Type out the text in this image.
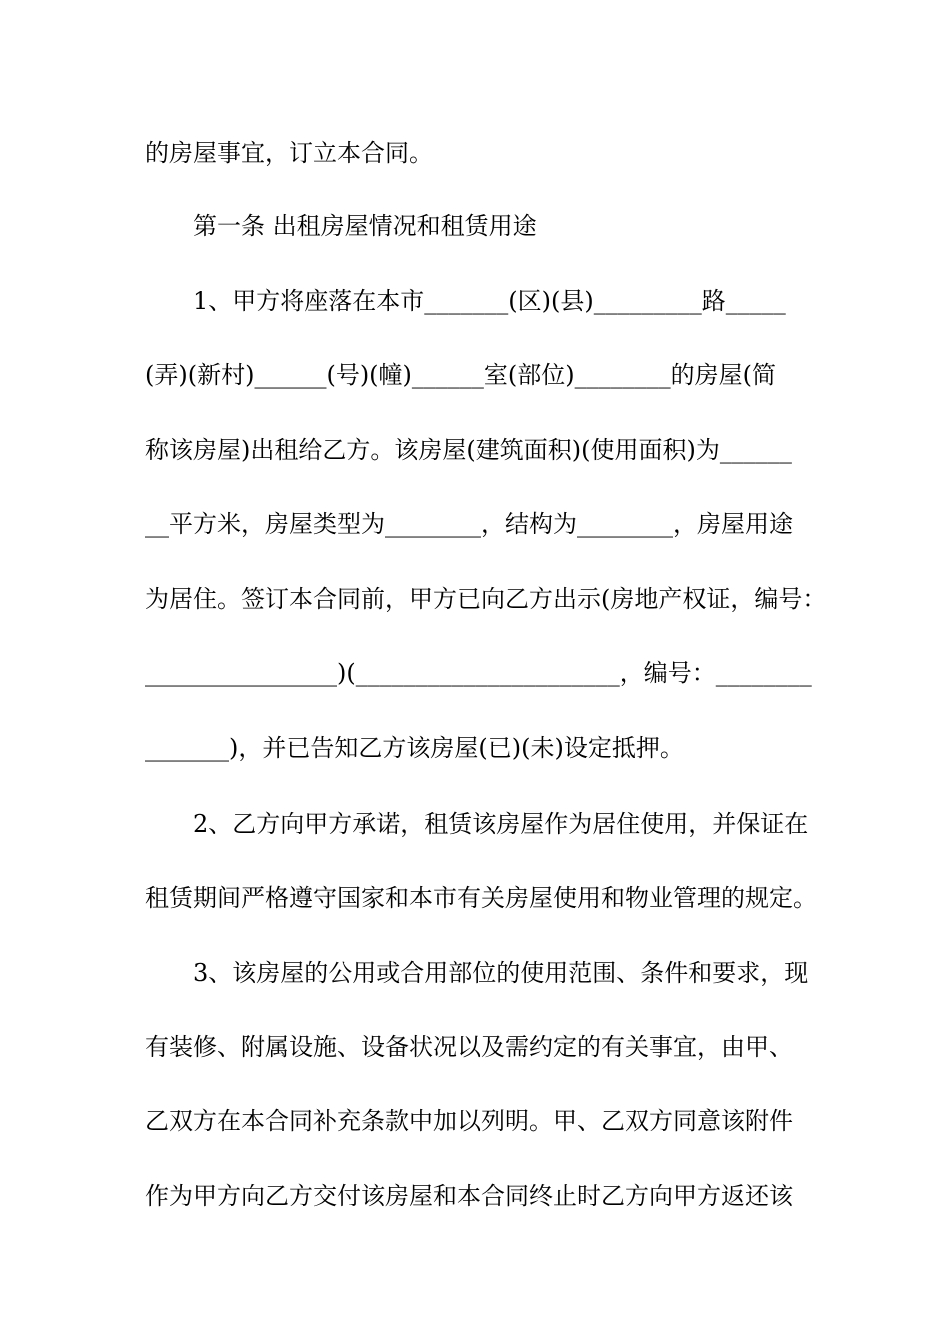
的房屋事宜，订立本合同。
第一条 出租房屋情况和租赁用途
1、甲方将座落在本市_______(区)(县)_________路_____
(弄)(新村)______(号)(幢)______室(部位)________的房屋(简
称该房屋)出租给乙方。该房屋(建筑面积)(使用面积)为______
__平方米，房屋类型为________，结构为________，房屋用途
为居住。签订本合同前，甲方已向乙方出示(房地产权证，编号：
________________)(______________________，编号：________
_______)，并已告知乙方该房屋(已)(未)设定抵押。
2、乙方向甲方承诺，租赁该房屋作为居住使用，并保证在
租赁期间严格遵守国家和本市有关房屋使用和物业管理的规定。
3、该房屋的公用或合用部位的使用范围、条件和要求，现
有装修、附属设施、设备状况以及需约定的有关事宜，由甲、
乙双方在本合同补充条款中加以列明。甲、乙双方同意该附件
作为甲方向乙方交付该房屋和本合同终止时乙方向甲方返还该
